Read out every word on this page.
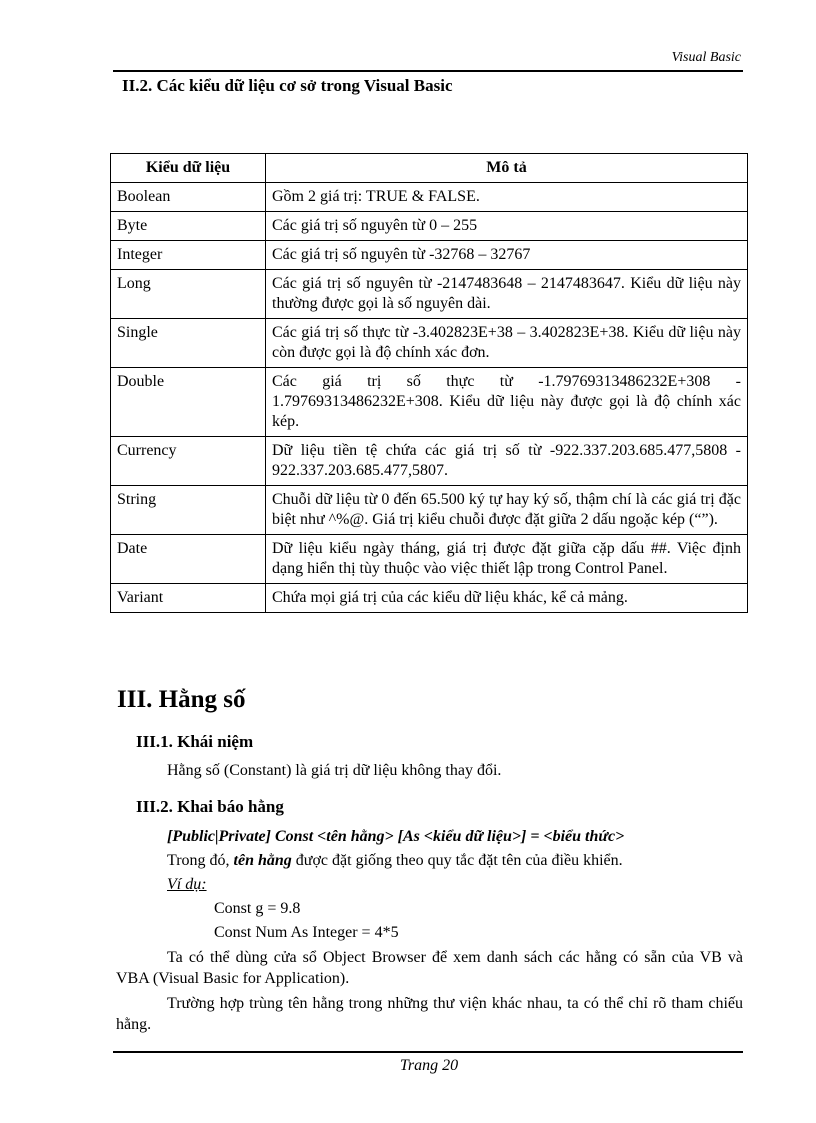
Visual Basic
II.2. Các kiểu dữ liệu cơ sở trong Visual Basic
Kiểu dữ liệu	Mô tả
Boolean	Gồm 2 giá trị: TRUE & FALSE.
Byte	Các giá trị số nguyên từ 0 – 255
Integer	Các giá trị số nguyên từ -32768 – 32767
Long	Các giá trị số nguyên từ -2147483648 – 2147483647. Kiểu dữ liệu này thường được gọi là số nguyên dài.
Single	Các giá trị số thực từ -3.402823E+38 – 3.402823E+38. Kiểu dữ liệu này còn được gọi là độ chính xác đơn.
Double	Các giá trị số thực từ -1.79769313486232E+308 - 1.79769313486232E+308. Kiểu dữ liệu này được gọi là độ chính xác kép.
Currency	Dữ liệu tiền tệ chứa các giá trị số từ -922.337.203.685.477,5808 - 922.337.203.685.477,5807.
String	Chuỗi dữ liệu từ 0 đến 65.500 ký tự hay ký số, thậm chí là các giá trị đặc biệt như ^%@. Giá trị kiểu chuỗi được đặt giữa 2 dấu ngoặc kép (“”).
Date	Dữ liệu kiểu ngày tháng, giá trị được đặt giữa cặp dấu ##. Việc định dạng hiển thị tùy thuộc vào việc thiết lập trong Control Panel.
Variant	Chứa mọi giá trị của các kiểu dữ liệu khác, kể cả mảng.
III. Hằng số
III.1. Khái niệm
Hằng số (Constant) là giá trị dữ liệu không thay đổi.
III.2. Khai báo hằng
[Public|Private] Const <tên hằng> [As <kiểu dữ liệu>] = <biểu thức>
Trong đó, tên hằng được đặt giống theo quy tắc đặt tên của điều khiển.
Ví dụ:
Const g = 9.8
Const Num As Integer = 4*5
Ta có thể dùng cửa sổ Object Browser để xem danh sách các hằng có sẵn của VB và VBA (Visual Basic for Application).
Trường hợp trùng tên hằng trong những thư viện khác nhau, ta có thể chỉ rõ tham chiếu hằng.
Trang 20
